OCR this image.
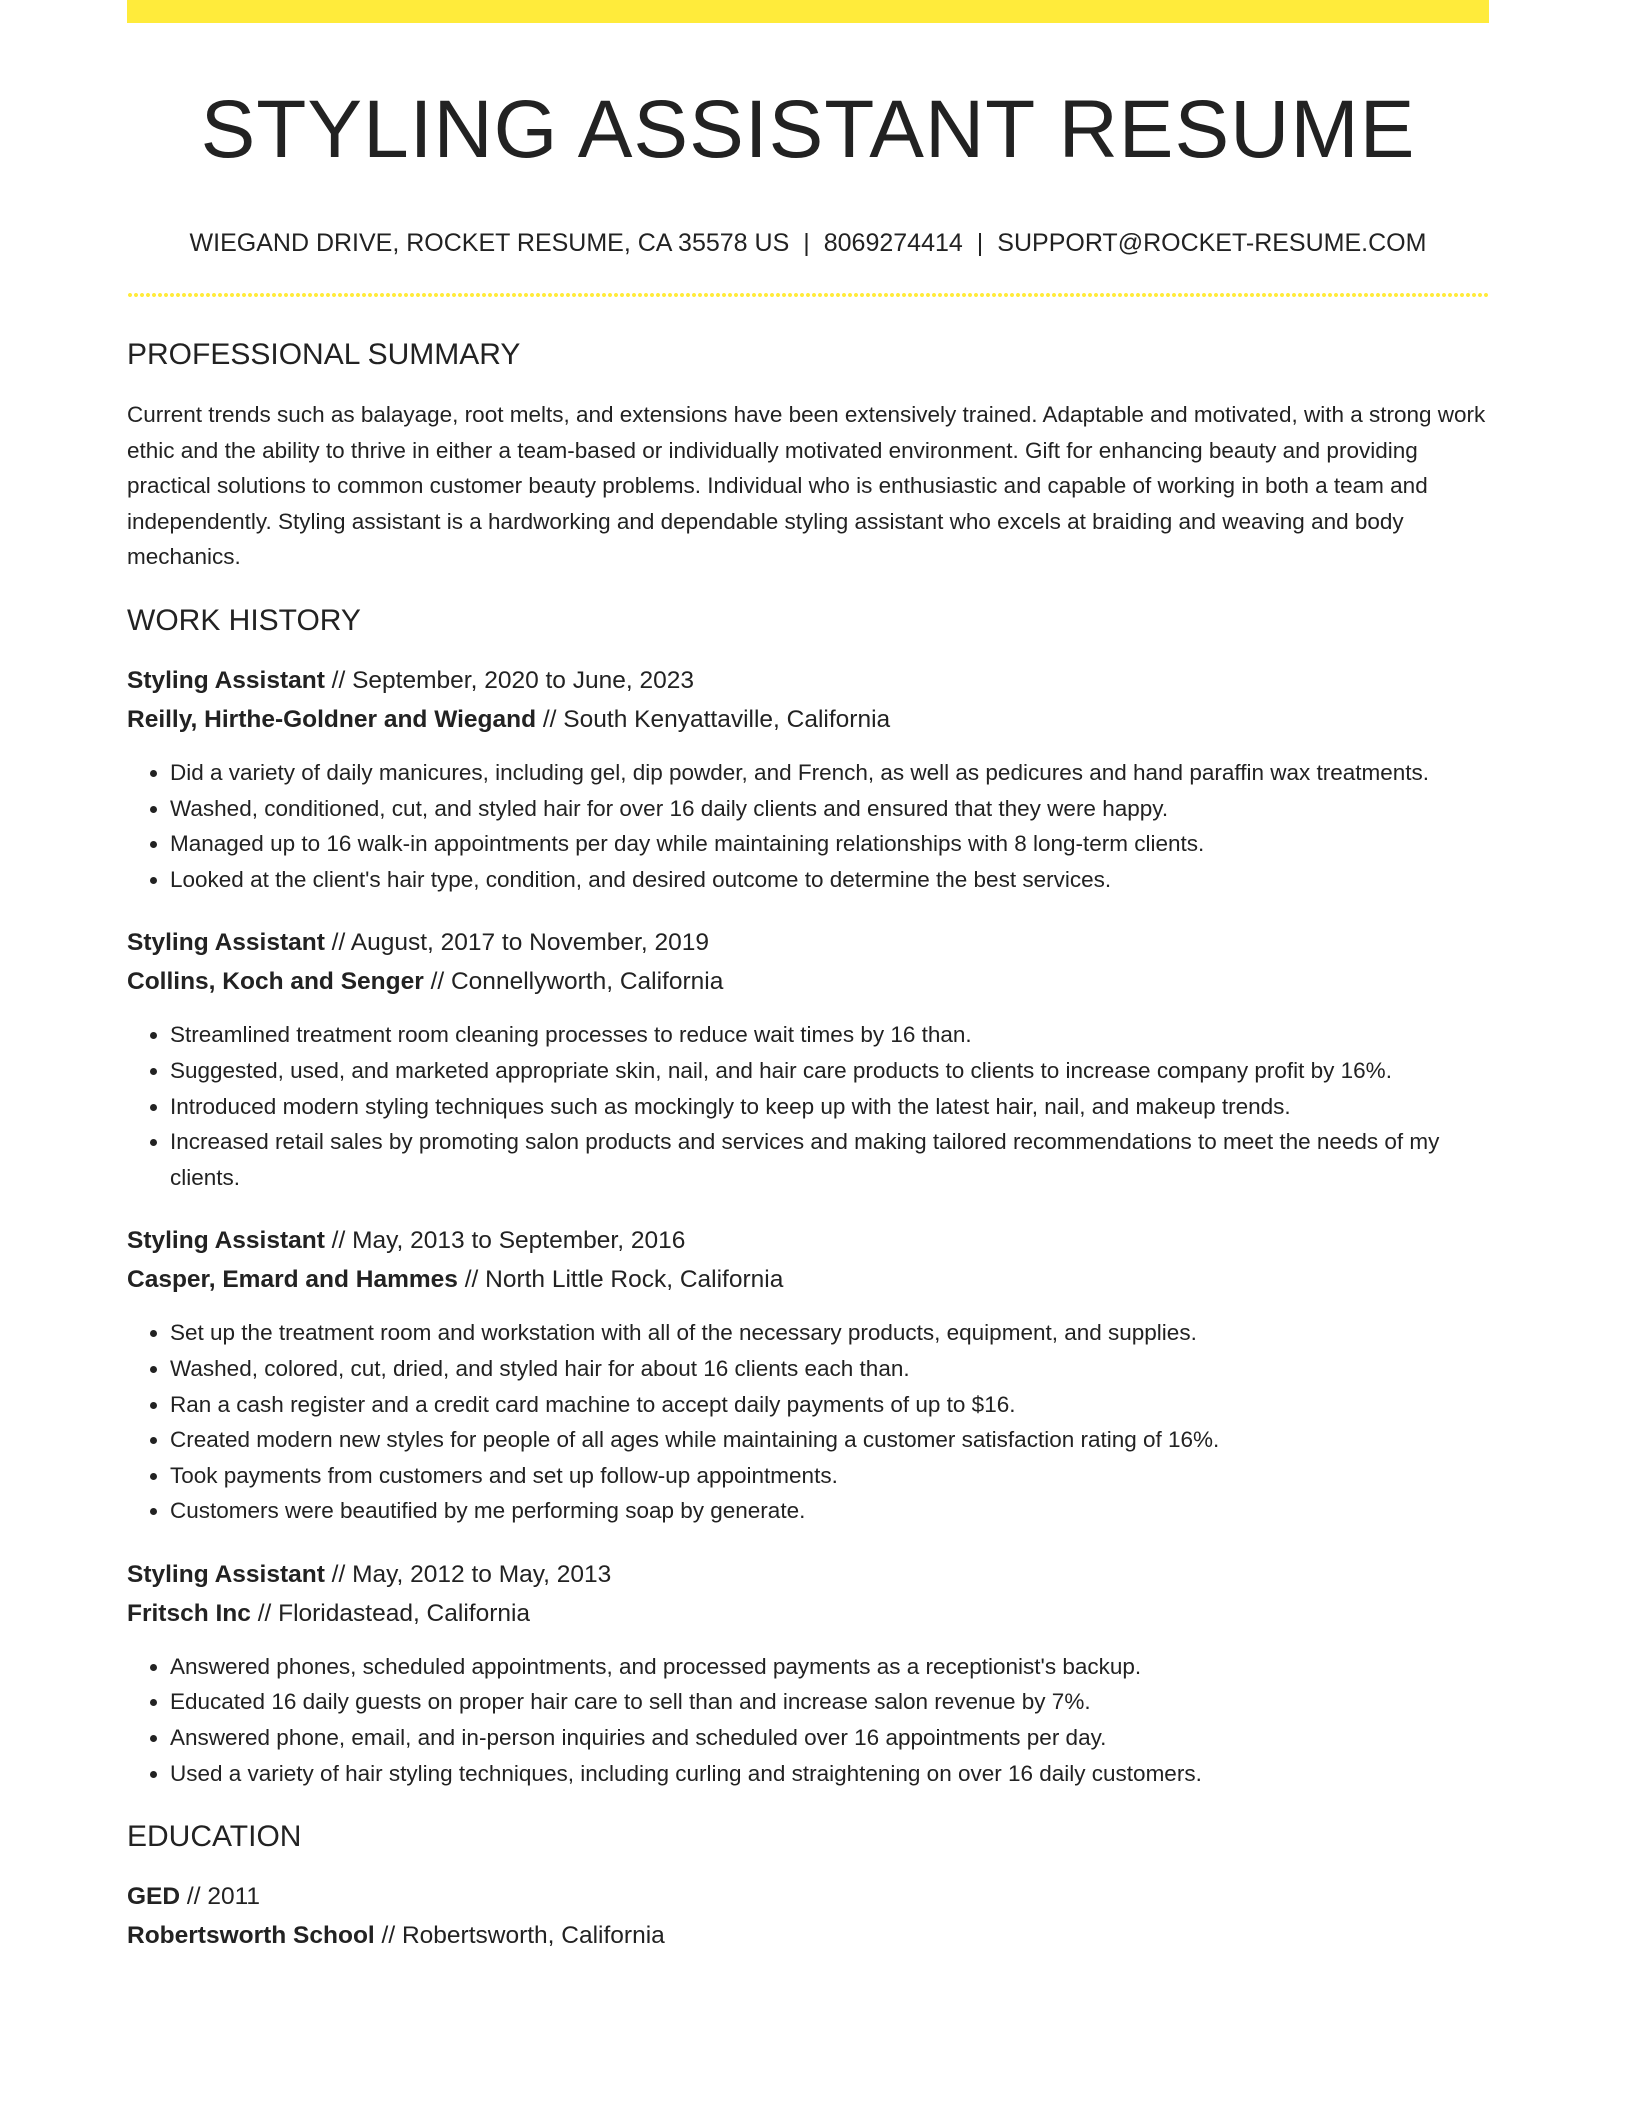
STYLING ASSISTANT RESUME
WIEGAND DRIVE, ROCKET RESUME, CA 35578 US | 8069274414 | SUPPORT@ROCKET-RESUME.COM
PROFESSIONAL SUMMARY

Current trends such as balayage, root melts, and extensions have been extensively trained. Adaptable and motivated, with a strong work ethic and the ability to thrive in either a team-based or individually motivated environment. Gift for enhancing beauty and providing practical solutions to common customer beauty problems. Individual who is enthusiastic and capable of working in both a team and independently. Styling assistant is a hardworking and dependable styling assistant who excels at braiding and weaving and body mechanics.

WORK HISTORY
Styling Assistant // September, 2020 to June, 2023
Reilly, Hirthe-Goldner and Wiegand // South Kenyattaville, California
• Did a variety of daily manicures, including gel, dip powder, and French, as well as pedicures and hand paraffin wax treatments.
• Washed, conditioned, cut, and styled hair for over 16 daily clients and ensured that they were happy.
• Managed up to 16 walk-in appointments per day while maintaining relationships with 8 long-term clients.
• Looked at the client's hair type, condition, and desired outcome to determine the best services.
Styling Assistant // August, 2017 to November, 2019
Collins, Koch and Senger // Connellyworth, California
• Streamlined treatment room cleaning processes to reduce wait times by 16 than.
• Suggested, used, and marketed appropriate skin, nail, and hair care products to clients to increase company profit by 16%.
• Introduced modern styling techniques such as mockingly to keep up with the latest hair, nail, and makeup trends.
• Increased retail sales by promoting salon products and services and making tailored recommendations to meet the needs of my clients.
Styling Assistant // May, 2013 to September, 2016
Casper, Emard and Hammes // North Little Rock, California
• Set up the treatment room and workstation with all of the necessary products, equipment, and supplies.
• Washed, colored, cut, dried, and styled hair for about 16 clients each than.
• Ran a cash register and a credit card machine to accept daily payments of up to $16.
• Created modern new styles for people of all ages while maintaining a customer satisfaction rating of 16%.
• Took payments from customers and set up follow-up appointments.
• Customers were beautified by me performing soap by generate.
Styling Assistant // May, 2012 to May, 2013
Fritsch Inc // Floridastead, California
• Answered phones, scheduled appointments, and processed payments as a receptionist's backup.
• Educated 16 daily guests on proper hair care to sell than and increase salon revenue by 7%.
• Answered phone, email, and in-person inquiries and scheduled over 16 appointments per day.
• Used a variety of hair styling techniques, including curling and straightening on over 16 daily customers.
EDUCATION
GED // 2011
Robertsworth School // Robertsworth, California
